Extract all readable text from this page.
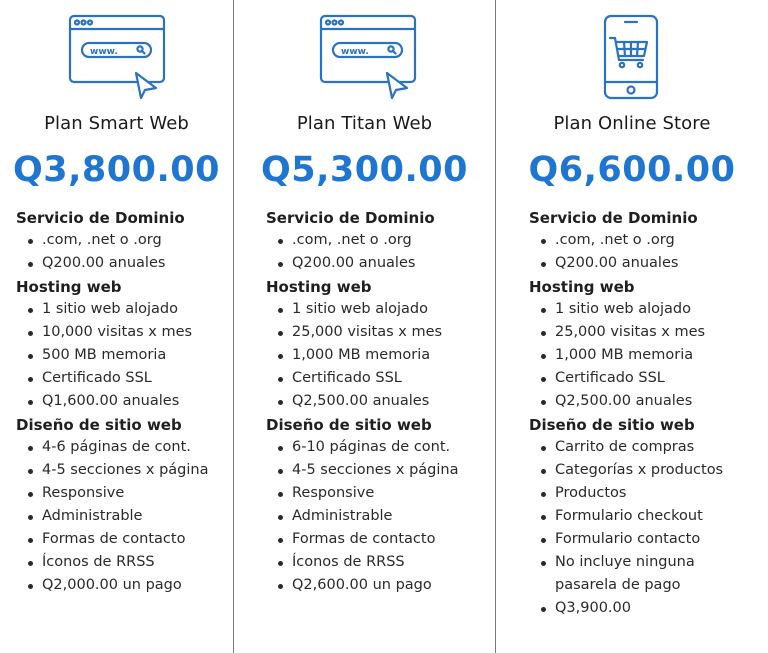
www.
Plan Smart Web
Q3,800.00
Servicio de Dominio
.com, .net o .org
Q200.00 anuales
Hosting web
1 sitio web alojado
10,000 visitas x mes
500 MB memoria
Certificado SSL
Q1,600.00 anuales
Diseño de sitio web
4-6 páginas de cont.
4-5 secciones x página
Responsive
Administrable
Formas de contacto
Íconos de RRSS
Q2,000.00 un pago
www.
Plan Titan Web
Q5,300.00
Servicio de Dominio
.com, .net o .org
Q200.00 anuales
Hosting web
1 sitio web alojado
25,000 visitas x mes
1,000 MB memoria
Certificado SSL
Q2,500.00 anuales
Diseño de sitio web
6-10 páginas de cont.
4-5 secciones x página
Responsive
Administrable
Formas de contacto
Íconos de RRSS
Q2,600.00 un pago
Plan Online Store
Q6,600.00
Servicio de Dominio
.com, .net o .org
Q200.00 anuales
Hosting web
1 sitio web alojado
25,000 visitas x mes
1,000 MB memoria
Certificado SSL
Q2,500.00 anuales
Diseño de sitio web
Carrito de compras
Categorías x productos
Productos
Formulario checkout
Formulario contacto
No incluye ninguna
pasarela de pago
Q3,900.00
